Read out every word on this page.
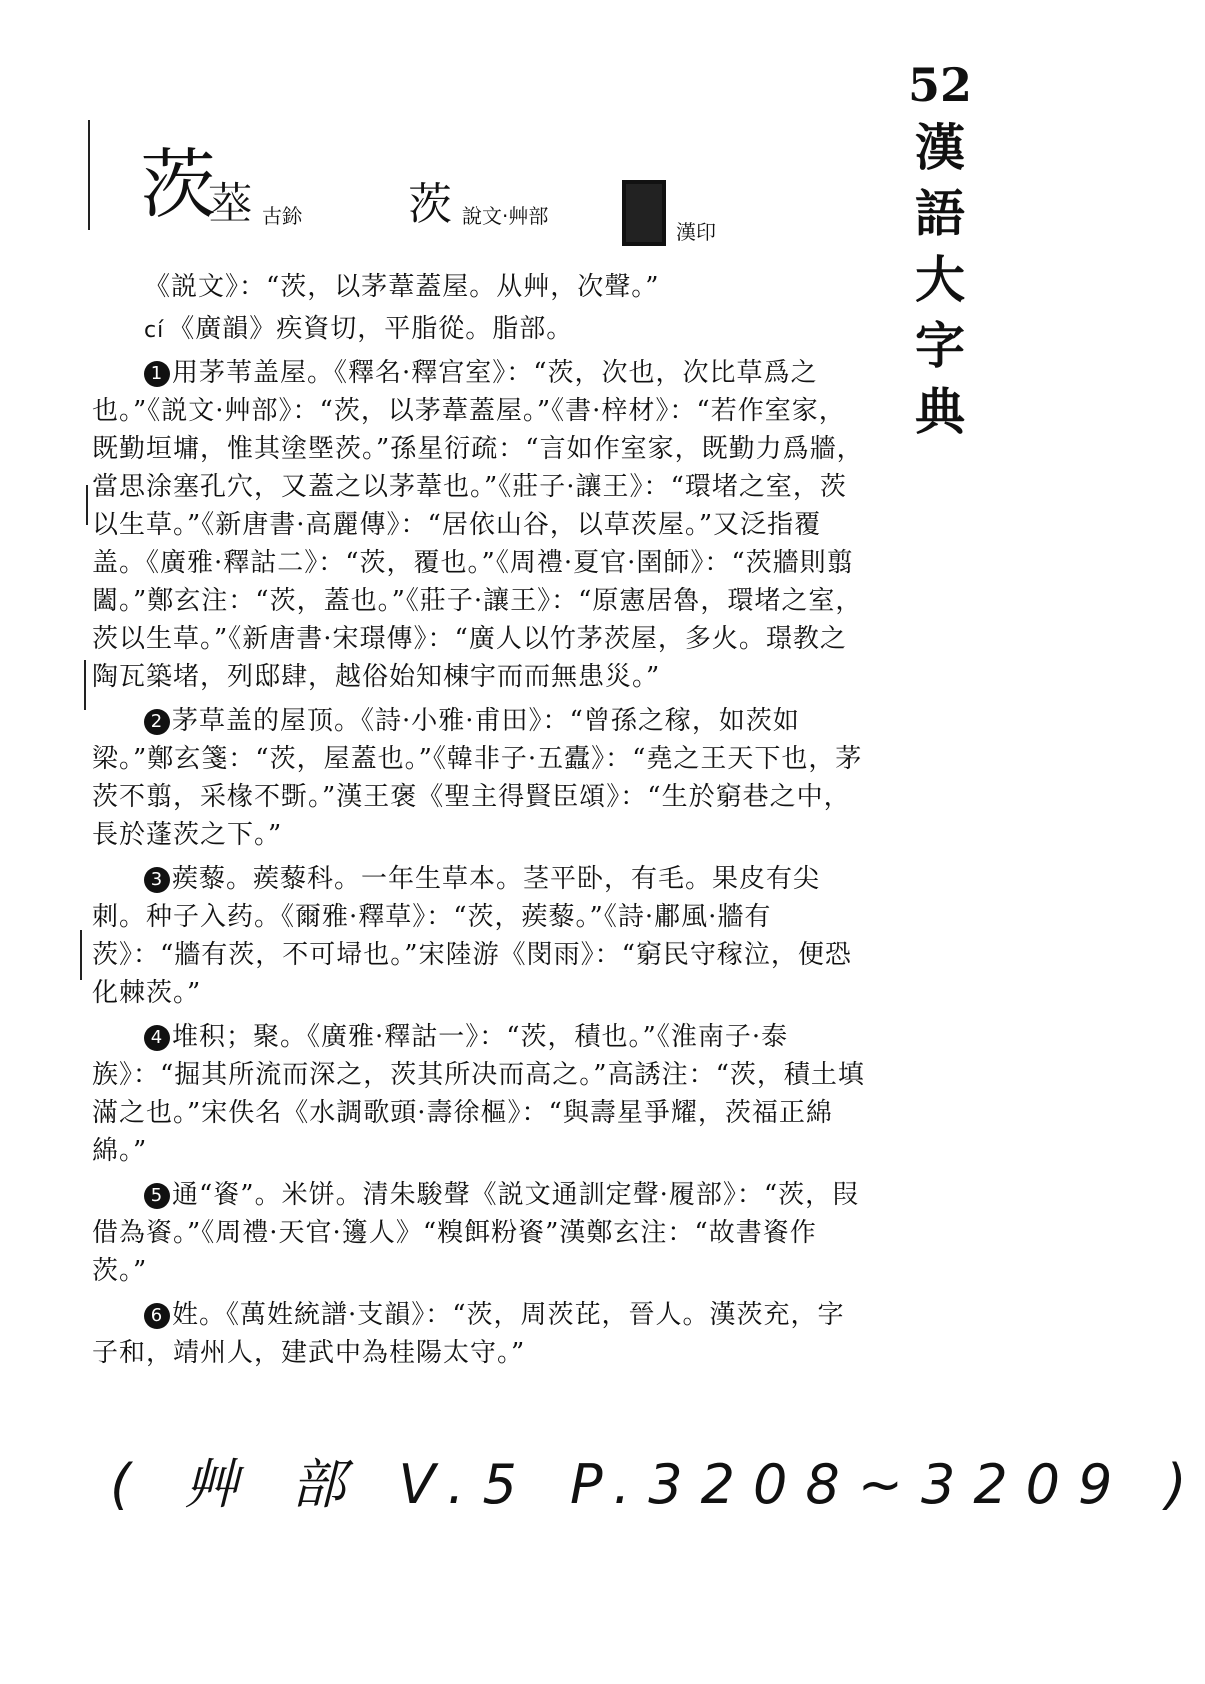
52
漢
語
大
字
典
茨
𦱬 古鉩 茨 說文·艸部
漢印

《説文》：“茨，以茅葦蓋屋。从艸，次聲。”

cí 《廣韻》疾資切，平脂從。脂部。

1 用茅苇盖屋。《釋名·釋宫室》：“茨，次也，次比草爲之也。”《説文·艸部》：“茨，以茅葦蓋屋。”《書·梓材》：“若作室家，既勤垣墉，惟其塗塈茨。”孫星衍疏：“言如作室家，既勤力爲牆，當思涂塞孔穴，又蓋之以茅葦也。”《莊子·讓王》：“環堵之室，茨以生草。”《新唐書·高麗傳》：“居依山谷，以草茨屋。”又泛指覆盖。《廣雅·釋詁二》：“茨，覆也。”《周禮·夏官·圉師》：“茨牆則翦闔。”鄭玄注：“茨，蓋也。”《莊子·讓王》：“原憲居魯，環堵之室，茨以生草。”《新唐書·宋璟傳》：“廣人以竹茅茨屋，多火。璟教之陶瓦築堵，列邸肆，越俗始知棟宇而而無患災。”

2 茅草盖的屋顶。《詩·小雅·甫田》：“曾孫之稼，如茨如梁。”鄭玄箋：“茨，屋蓋也。”《韓非子·五蠹》：“堯之王天下也，茅茨不翦，采椽不斲。”漢王褒《聖主得賢臣頌》：“生於窮巷之中，長於蓬茨之下。”

3 蒺藜。蒺藜科。一年生草本。茎平卧，有毛。果皮有尖刺。种子入药。《爾雅·釋草》：“茨，蒺藜。”《詩·鄘風·牆有茨》：“牆有茨，不可埽也。”宋陸游《閔雨》：“窮民守稼泣，便恐化棘茨。”

4 堆积；聚。《廣雅·釋詁一》：“茨，積也。”《淮南子·泰族》：“掘其所流而深之，茨其所决而高之。”高誘注：“茨，積土填滿之也。”宋佚名《水調歌頭·壽徐樞》：“與壽星爭耀，茨福正綿綿。”

5 通“餈”。米饼。清朱駿聲《説文通訓定聲·履部》：“茨，叚借為餈。”《周禮·天官·籩人》“糗餌粉餈”漢鄭玄注：“故書餈作茨。”

6 姓。《萬姓統譜·支韻》：“茨，周茨芘，晉人。漢茨充，字子和，靖州人，建武中為桂陽太守。”

( 艸 部 V.5 P.3208~3209 )
